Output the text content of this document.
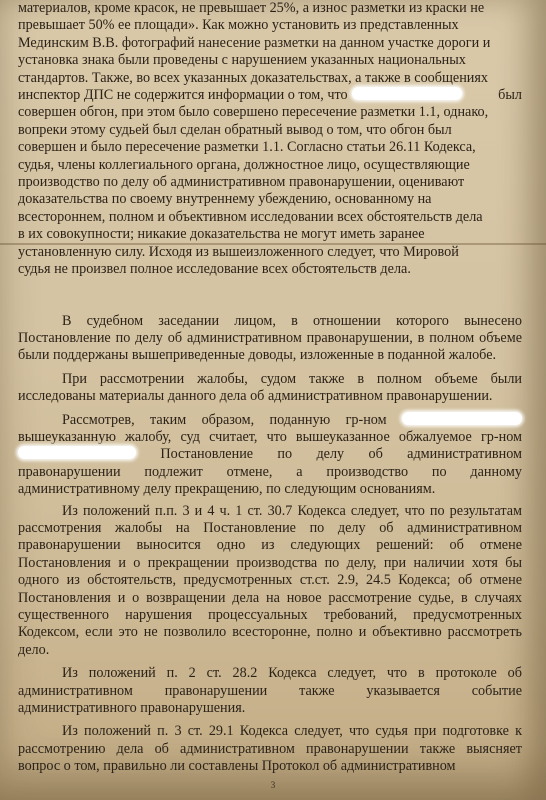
материалов, кроме красок, не превышает 25%, а износ разметки из краски не

превышает 50% ее площади». Как можно установить из представленных

Мединским В.В. фотографий нанесение разметки на данном участке дороги и

установка знака были проведены с нарушением указанных национальных

стандартов. Также, во всех указанных доказательствах, а также в сообщениях

инспектор ДПС не содержится информации о том, что	был

совершен обгон, при этом было совершено пересечение разметки 1.1, однако,

вопреки этому судьей был сделан обратный вывод о том, что обгон был

совершен и было пересечение разметки 1.1. Согласно статьи 26.11 Кодекса,

судья, члены коллегиального органа, должностное лицо, осуществляющие

производство по делу об административном правонарушении, оценивают

доказательства по своему внутреннему убеждению, основанному на

всестороннем, полном и объективном исследовании всех обстоятельств дела

в их совокупности; никакие доказательства не могут иметь заранее

установленную силу. Исходя из вышеизложенного следует, что Мировой

судья не произвел полное исследование всех обстоятельств дела.

В судебном заседании лицом, в отношении которого вынесено Постановление по делу об административном правонарушении, в полном объеме были поддержаны вышеприведенные доводы, изложенные в поданной жалобе.

При рассмотрении жалобы, судом также в полном объеме были исследованы материалы данного дела об административном правонарушении.

Рассмотрев, таким образом, поданную гр-ном  вышеуказанную жалобу, суд считает, что вышеуказанное обжалуемое гр-ном  Постановление по делу об административном правонарушении подлежит отмене, а производство по данному административному делу прекращению, по следующим основаниям.

Из положений п.п. 3 и 4 ч. 1 ст. 30.7 Кодекса следует, что по результатам рассмотрения жалобы на Постановление по делу об административном правонарушении выносится одно из следующих решений: об отмене Постановления и о прекращении производства по делу, при наличии хотя бы одного из обстоятельств, предусмотренных ст.ст. 2.9, 24.5 Кодекса; об отмене Постановления и о возвращении дела на новое рассмотрение судье, в случаях существенного нарушения процессуальных требований, предусмотренных Кодексом, если это не позволило всесторонне, полно и объективно рассмотреть дело.

Из положений п. 2 ст. 28.2 Кодекса следует, что в протоколе об административном правонарушении также указывается событие административного правонарушения.

Из положений п. 3 ст. 29.1 Кодекса следует, что судья при подготовке к рассмотрению дела об административном правонарушении также выясняет вопрос о том, правильно ли составлены Протокол об административном

3
